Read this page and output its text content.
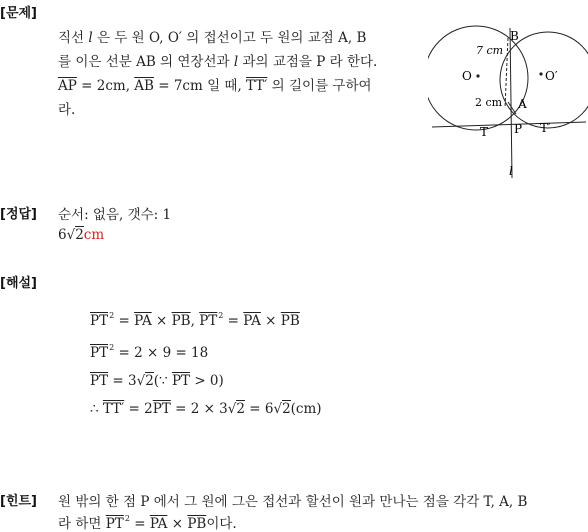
[문제]
직선 l 은 두 원 O, O′ 의 접선이고 두 원의 교점 A, B
를 이은 선분 AB 의 연장선과 l 과의 교점을 P 라 한다.
$\overline{AP} = 2cm$, $\overline{AB} = 7cm$ 일 때, TT′ 의 길이를 구하여
라.
B
O	O′
7 cm
2 cm A
T P T′
l
[정답] 순서: 없음, 갯수: 1
6√2cm
[해설]
$\overline{PT}^2 = \overline{PA} \times \overline{PB}$, $\overline{PT}^2 = \overline{PA} \times \overline{PB}$
$\overline{PT}^2 = 2 \times 9 = 18$
$\overline{PT}$ = 3√2(∵ $\overline{PT} > 0$)
∴ $TT' = 2\overline{PT} = 2 \times 3√2 = 6√2(cm)$
[힌트] 원 밖의 한 점 P 에서 그 원에 그은 접선과 할선이 원과 만나는 점을 각각 T, A, B
라 하면 $\overline{PT}^2 = \overline{PA} \times \overline{PB}$이다.
